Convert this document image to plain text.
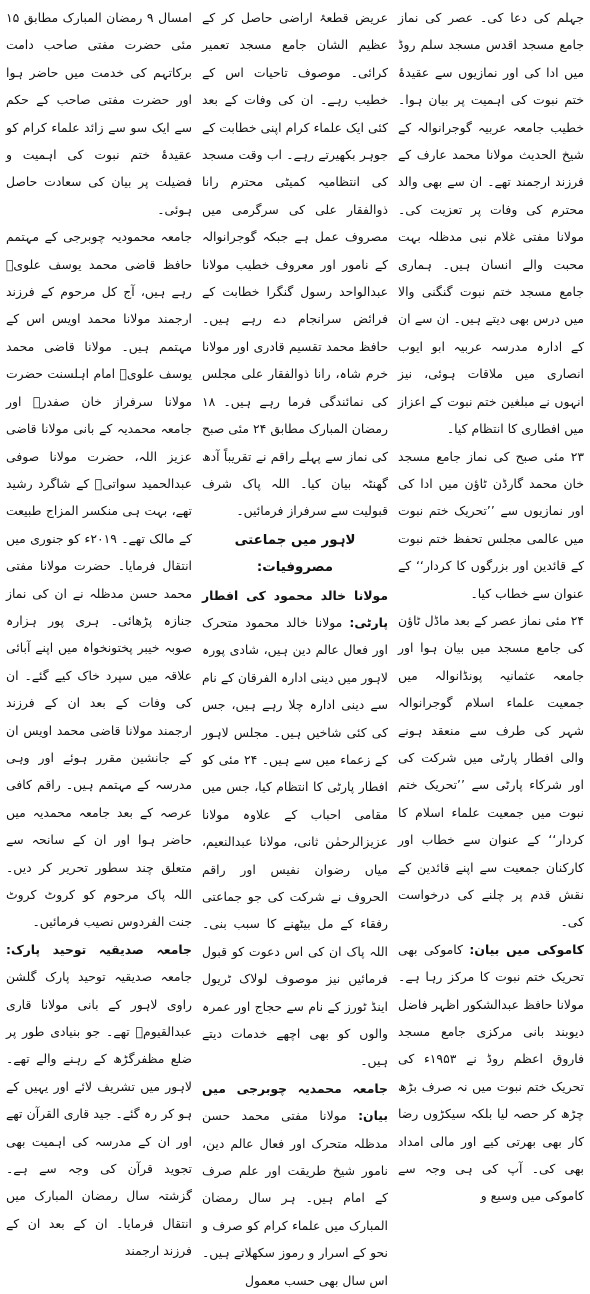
جہلم کی دعا کی۔ عصر کی نماز جامع مسجد اقدس مسجد سلم روڈ میں ادا کی اور نمازیوں سے عقیدۂ ختم نبوت کی اہمیت پر بیان ہوا۔ خطیب جامعہ عربیہ گوجرانوالہ کے شیخ الحدیث مولانا محمد عارف کے فرزند ارجمند تھے۔ ان سے بھی والد محترم کی وفات پر تعزیت کی۔ مولانا مفتی غلام نبی مدظلہ بہت محبت والے انسان ہیں۔ ہماری جامع مسجد ختم نبوت گنگنی والا میں درس بھی دیتے ہیں۔ ان سے ان کے ادارہ مدرسہ عربیہ ابو ایوب انصاری میں ملاقات ہوئی، نیز انہوں نے مبلغین ختم نبوت کے اعزاز میں افطاری کا انتظام کیا۔

۲۳ مئی صبح کی نماز جامع مسجد خان محمد گارڈن ٹاؤن میں ادا کی اور نمازیوں سے ’’تحریک ختم نبوت میں عالمی مجلس تحفظ ختم نبوت کے قائدین اور بزرگوں کا کردار‘‘ کے عنوان سے خطاب کیا۔

۲۴ مئی نماز عصر کے بعد ماڈل ٹاؤن کی جامع مسجد میں بیان ہوا اور جامعہ عثمانیہ پونڈانوالہ میں جمعیت علماء اسلام گوجرانوالہ شہر کی طرف سے منعقد ہونے والی افطار پارٹی میں شرکت کی اور شرکاء پارٹی سے ’’تحریک ختم نبوت میں جمعیت علماء اسلام کا کردار‘‘ کے عنوان سے خطاب اور کارکنان جمعیت سے اپنے قائدین کے نقش قدم پر چلنے کی درخواست کی۔

کاموکی میں بیان: کاموکی بھی تحریک ختم نبوت کا مرکز رہا ہے۔ مولانا حافظ عبدالشکور اظہر فاضل دیوبند بانی مرکزی جامع مسجد فاروق اعظم روڈ نے ۱۹۵۳ء کی تحریک ختم نبوت میں نہ صرف بڑھ چڑھ کر حصہ لیا بلکہ سیکڑوں رضا کار بھی بھرتی کیے اور مالی امداد بھی کی۔ آپ کی ہی وجہ سے کاموکی میں وسیع و

عریض قطعۂ اراضی حاصل کر کے عظیم الشان جامع مسجد تعمیر کرائی۔ موصوف تاحیات اس کے خطیب رہے۔ ان کی وفات کے بعد کئی ایک علماء کرام اپنی خطابت کے جوہر بکھیرتے رہے۔ اب وقت مسجد کی انتظامیہ کمیٹی محترم رانا ذوالفقار علی کی سرگرمی میں مصروف عمل ہے جبکہ گوجرانوالہ کے نامور اور معروف خطیب مولانا عبدالواحد رسول گنگرا خطابت کے فرائض سرانجام دے رہے ہیں۔ حافظ محمد تقسیم قادری اور مولانا خرم شاہ، رانا ذوالفقار علی مجلس کی نمائندگی فرما رہے ہیں۔ ۱۸ رمضان المبارک مطابق ۲۴ مئی صبح کی نماز سے پہلے راقم نے تقریباً آدھ گھنٹہ بیان کیا۔ اللہ پاک شرف قبولیت سے سرفراز فرمائیں۔

لاہور میں جماعتی مصروفیات:

مولانا خالد محمود کی افطار پارٹی: مولانا خالد محمود متحرک اور فعال عالم دین ہیں، شادی پورہ لاہور میں دینی ادارہ الفرقان کے نام سے دینی ادارہ چلا رہے ہیں، جس کی کئی شاخیں ہیں۔ مجلس لاہور کے زعماء میں سے ہیں۔ ۲۴ مئی کو افطار پارٹی کا انتظام کیا، جس میں مقامی احباب کے علاوہ مولانا عزیزالرحمٰن ثانی، مولانا عبدالنعیم، میاں رضوان نفیس اور راقم الحروف نے شرکت کی جو جماعتی رفقاء کے مل بیٹھنے کا سبب بنی۔ اللہ پاک ان کی اس دعوت کو قبول فرمائیں نیز موصوف لولاک ٹریول اینڈ ٹورز کے نام سے حجاج اور عمرہ والوں کو بھی اچھے خدمات دیتے ہیں۔

جامعہ محمدیہ چوبرجی میں بیان: مولانا مفتی محمد حسن مدظلہ متحرک اور فعال عالم دین، نامور شیخ طریقت اور علم صرف کے امام ہیں۔ ہر سال رمضان المبارک میں علماء کرام کو صرف و نحو کے اسرار و رموز سکھلاتے ہیں۔ اس سال بھی حسب معمول

امسال ۹ رمضان المبارک مطابق ۱۵ مئی حضرت مفتی صاحب دامت برکاتہم کی خدمت میں حاضر ہوا اور حضرت مفتی صاحب کے حکم سے ایک سو سے زائد علماء کرام کو عقیدۂ ختم نبوت کی اہمیت و فضیلت پر بیان کی سعادت حاصل ہوئی۔

جامعہ محمودیہ چوبرجی کے مہتمم حافظ قاضی محمد یوسف علویؒ رہے ہیں، آج کل مرحوم کے فرزند ارجمند مولانا محمد اویس اس کے مہتمم ہیں۔ مولانا قاضی محمد یوسف علویؒ امام اہلسنت حضرت مولانا سرفراز خان صفدرؒ اور جامعہ محمدیہ کے بانی مولانا قاضی عزیز اللہ، حضرت مولانا صوفی عبدالحمید سواتیؒ کے شاگرد رشید تھے، بہت ہی منکسر المزاج طبیعت کے مالک تھے۔ ۲۰۱۹ء کو جنوری میں انتقال فرمایا۔ حضرت مولانا مفتی محمد حسن مدظلہ نے ان کی نماز جنازہ پڑھائی۔ ہری پور ہزارہ صوبہ خیبر پختونخواہ میں اپنے آبائی علاقہ میں سپرد خاک کیے گئے۔ ان کی وفات کے بعد ان کے فرزند ارجمند مولانا قاضی محمد اویس ان کے جانشین مقرر ہوئے اور وہی مدرسہ کے مہتمم ہیں۔ راقم کافی عرصہ کے بعد جامعہ محمدیہ میں حاضر ہوا اور ان کے سانحہ سے متعلق چند سطور تحریر کر دیں۔ اللہ پاک مرحوم کو کروٹ کروٹ جنت الفردوس نصیب فرمائیں۔

جامعہ صدیقیہ توحید پارک: جامعہ صدیقیہ توحید پارک گلشن راوی لاہور کے بانی مولانا قاری عبدالقیومؒ تھے۔ جو بنیادی طور پر ضلع مظفرگڑھ کے رہنے والے تھے۔ لاہور میں تشریف لائے اور یہیں کے ہو کر رہ گئے۔ جید قاری القرآن تھے اور ان کے مدرسہ کی اہمیت بھی تجوید قرآن کی وجہ سے ہے۔ گزشتہ سال رمضان المبارک میں انتقال فرمایا۔ ان کے بعد ان کے فرزند ارجمند
